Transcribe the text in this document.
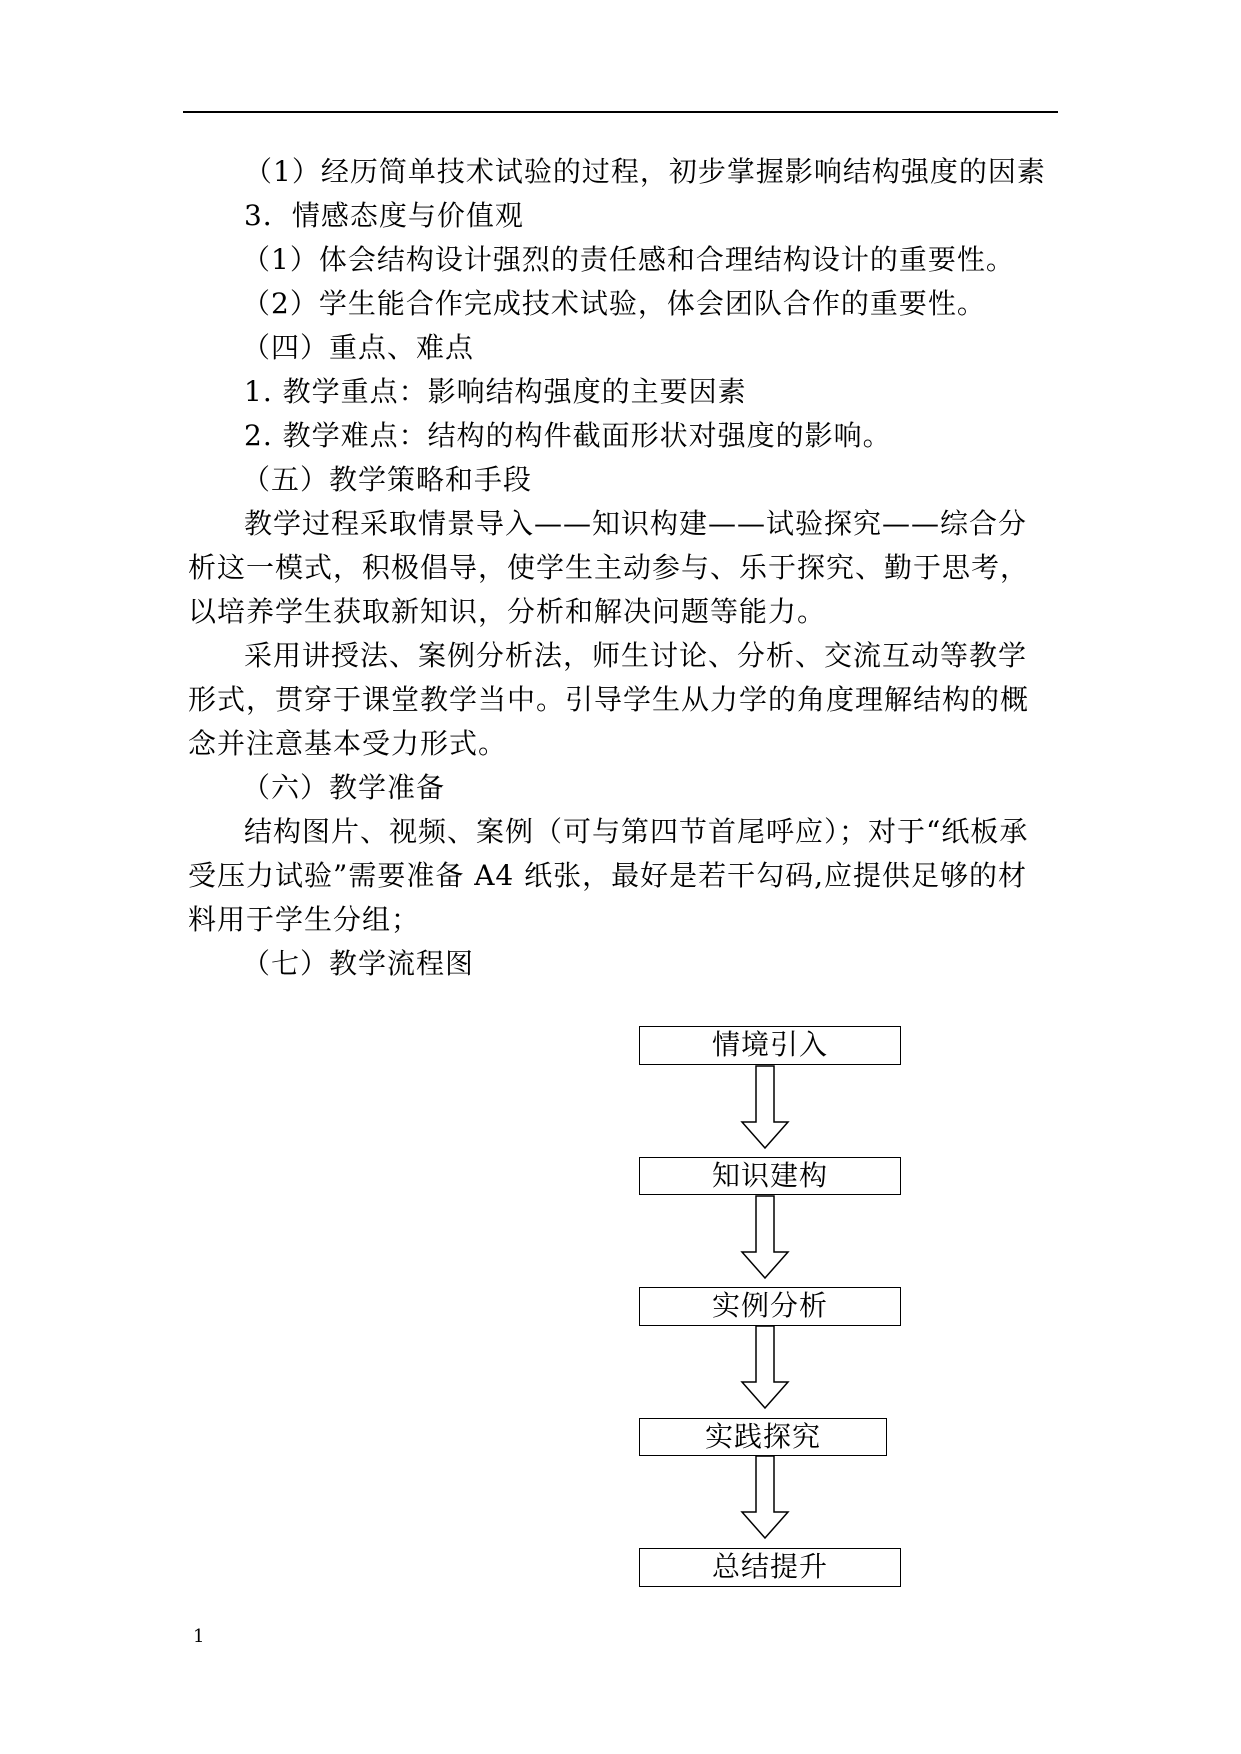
（1）经历简单技术试验的过程，初步掌握影响结构强度的因素

3．情感态度与价值观

（1）体会结构设计强烈的责任感和合理结构设计的重要性。

（2）学生能合作完成技术试验，体会团队合作的重要性。

（四）重点、难点

1. 教学重点：影响结构强度的主要因素

2. 教学难点：结构的构件截面形状对强度的影响。

（五）教学策略和手段

教学过程采取情景导入——知识构建——试验探究——综合分析这一模式，积极倡导，使学生主动参与、乐于探究、勤于思考，以培养学生获取新知识，分析和解决问题等能力。

采用讲授法、案例分析法，师生讨论、分析、交流互动等教学形式，贯穿于课堂教学当中。引导学生从力学的角度理解结构的概念并注意基本受力形式。

（六）教学准备

结构图片、视频、案例（可与第四节首尾呼应）；对于“纸板承受压力试验”需要准备 A4 纸张，最好是若干勾码,应提供足够的材料用于学生分组；

（七）教学流程图

情境引入
知识建构
实例分析
实践探究
总结提升
1
